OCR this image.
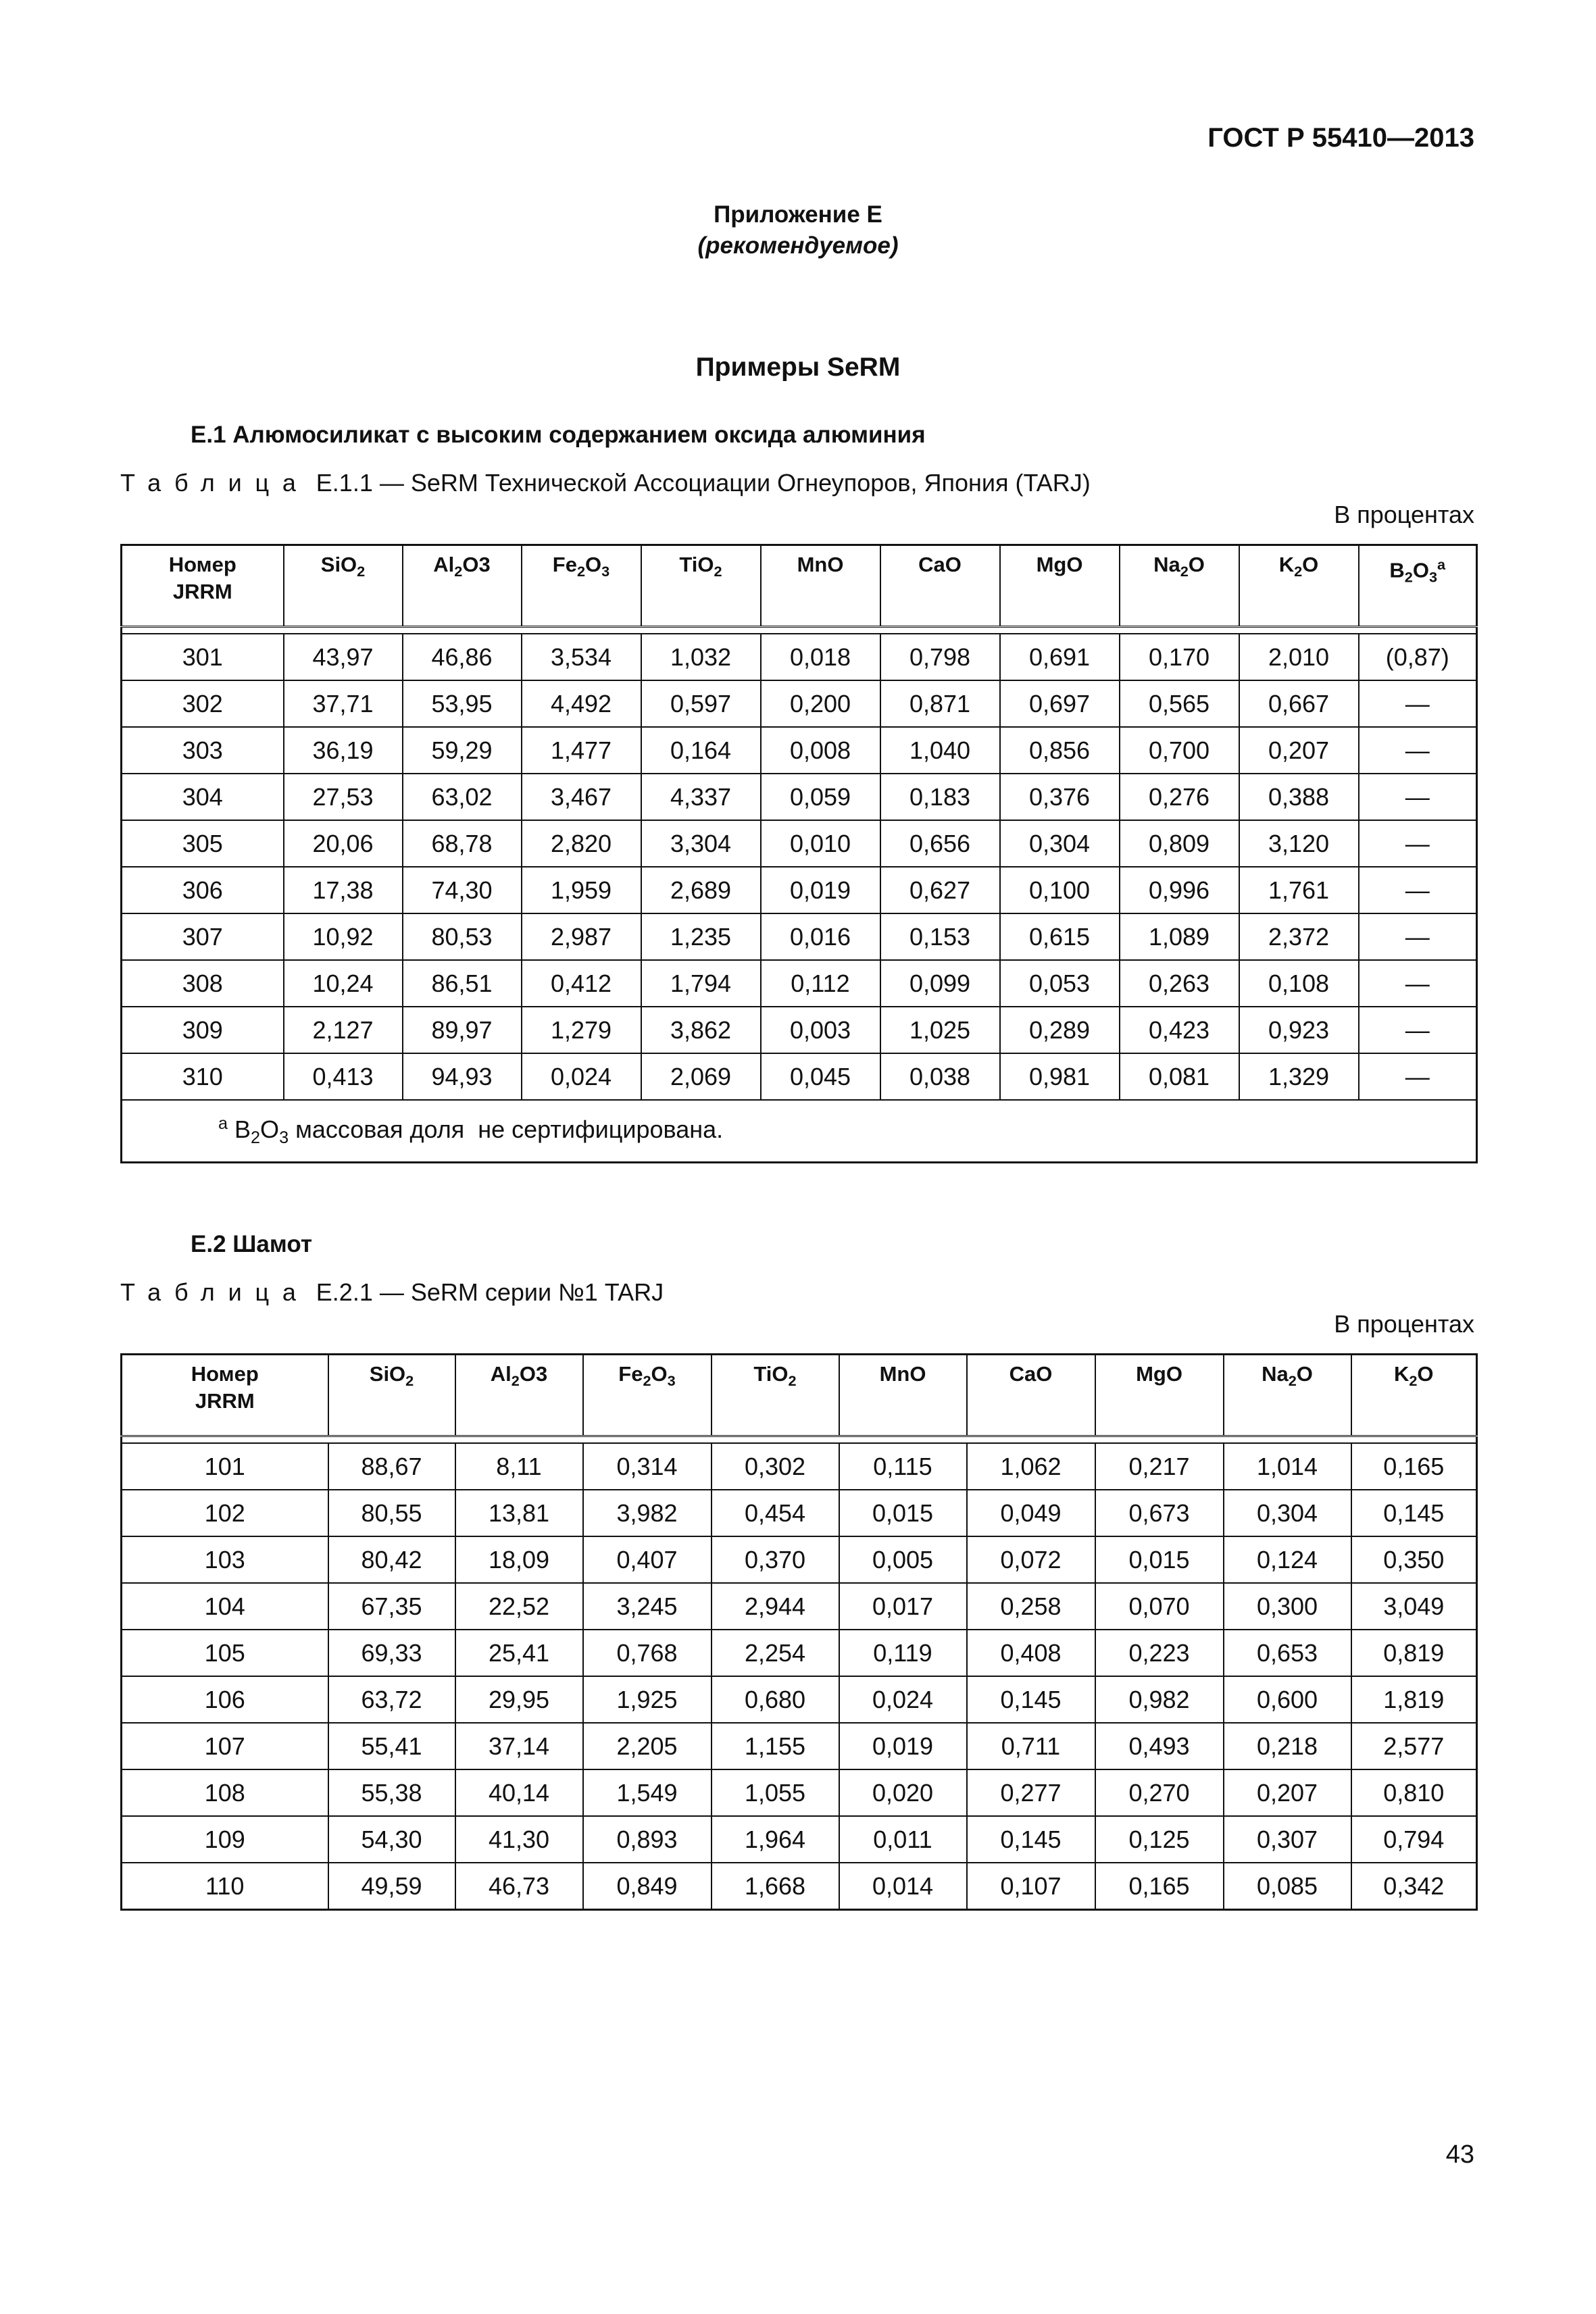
ГОСТ Р 55410—2013
Приложение Е
(рекомендуемое)
Примеры SeRM
Е.1 Алюмосиликат с высоким содержанием оксида алюминия
Таблица Е.1.1 — SeRM Технической Ассоциации Огнеупоров, Япония (TARJ)
В процентах
Номер
JRRM	SiO$_2$	$Al_2O3$	$Fe_2O_3$	TiO$_2$	MnO	CaO	MgO	$Na_2O$	$K_2O$	$B_2O_3^a$

301	43,97	46,86	3,534	1,032	0,018	0,798	0,691	0,170	2,010	(0,87)
302	37,71	53,95	4,492	0,597	0,200	0,871	0,697	0,565	0,667	—
303	36,19	59,29	1,477	0,164	0,008	1,040	0,856	0,700	0,207	—
304	27,53	63,02	3,467	4,337	0,059	0,183	0,376	0,276	0,388	—
305	20,06	68,78	2,820	3,304	0,010	0,656	0,304	0,809	3,120	—
306	17,38	74,30	1,959	2,689	0,019	0,627	0,100	0,996	1,761	—
307	10,92	80,53	2,987	1,235	0,016	0,153	0,615	1,089	2,372	—
308	10,24	86,51	0,412	1,794	0,112	0,099	0,053	0,263	0,108	—
309	2,127	89,97	1,279	3,862	0,003	1,025	0,289	0,423	0,923	—
310	0,413	94,93	0,024	2,069	0,045	0,038	0,981	0,081	1,329	—
$^a$ $B_2O_3$ массовая доля  не сертифицирована.										
Е.2 Шамот
Таблица Е.2.1 — SeRM серии №1 TARJ
В процентах
Номер
JRRM	SiO$_2$	$Al_2O3$	$Fe_2O_3$	TiO$_2$	MnO	CaO	MgO	$Na_2O$	$K_2O$

101	88,67	8,11	0,314	0,302	0,115	1,062	0,217	1,014	0,165
102	80,55	13,81	3,982	0,454	0,015	0,049	0,673	0,304	0,145
103	80,42	18,09	0,407	0,370	0,005	0,072	0,015	0,124	0,350
104	67,35	22,52	3,245	2,944	0,017	0,258	0,070	0,300	3,049
105	69,33	25,41	0,768	2,254	0,119	0,408	0,223	0,653	0,819
106	63,72	29,95	1,925	0,680	0,024	0,145	0,982	0,600	1,819
107	55,41	37,14	2,205	1,155	0,019	0,711	0,493	0,218	2,577
108	55,38	40,14	1,549	1,055	0,020	0,277	0,270	0,207	0,810
109	54,30	41,30	0,893	1,964	0,011	0,145	0,125	0,307	0,794
110	49,59	46,73	0,849	1,668	0,014	0,107	0,165	0,085	0,342
43
